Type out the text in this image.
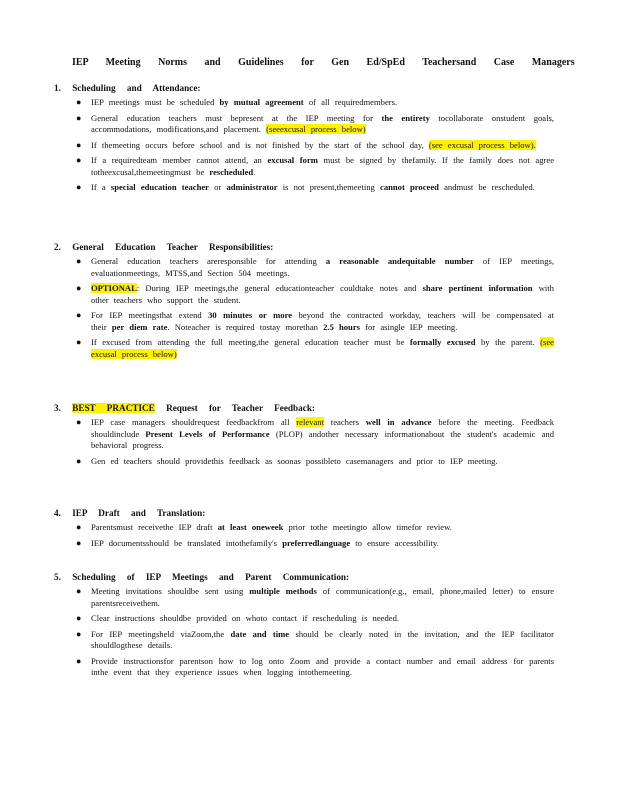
IEP Meeting Norms and Guidelines for Gen Ed/SpEd Teachersand Case Managers
1. Scheduling and Attendance:
● IEP meetings must be scheduled by mutual agreement of all requiredmembers.
● General education teachers must bepresent at the IEP meeting for the entirety tocollaborate onstudent goals, accommodations, modifications,and placement. (seeexcusal process below)
● If themeeting occurs before school and is not finished by the start of the school day, (see excusal process below).
● If a requiredteam member cannot attend, an excusal form must be signed by thefamily. If the family does not agree totheexcusal,themeetingmust be rescheduled.
● If a special education teacher or administrator is not present,themeeting cannot proceed andmust be rescheduled.
2. General Education Teacher Responsibilities:
● General education teachers areresponsible for attending a reasonable andequitable number of IEP meetings, evaluationmeetings, MTSS,and Section 504 meetings.
● OPTIONAL: During IEP meetings,the general educationteacher couldtake notes and share pertinent information with other teachers who support the student.
● For IEP meetingsthat extend 30 minutes or more beyond the contracted workday, teachers will be compensated at their per diem rate. Noteacher is required tostay morethan 2.5 hours for asingle IEP meeting.
● If excused from attending the full meeting,the general education teacher must be formally excused by the parent. (see excusal process below)
3. BEST PRACTICE Request for Teacher Feedback:
● IEP case managers shouldrequest feedbackfrom all relevant teachers well in advance before the meeting. Feedback shouldinclude Present Levels of Performance (PLOP) andother necessary informationabout the student's academic and behavioral progress.
● Gen ed teachers should providethis feedback as soonas possibleto casemanagers and prior to IEP meeting.
4. IEP Draft and Translation:
● Parentsmust receivethe IEP draft at least oneweek prior tothe meetingto allow timefor review.
● IEP documentsshould be translated intothefamily's preferredlanguage to ensure accessibility.
5. Scheduling of IEP Meetings and Parent Communication:
● Meeting invitations shouldbe sent using multiple methods of communication(e.g., email, phone,mailed letter) to ensure parentsreceivethem.
● Clear instructions shouldbe provided on whoto contact if rescheduling is needed.
● For IEP meetingsheld viaZoom,the date and time should be clearly noted in the invitation, and the IEP facilitator shouldlogthese details.
● Provide instructionsfor parentson how to log onto Zoom and provide a contact number and email address for parents inthe event that they experience issues when logging intothemeeting.
